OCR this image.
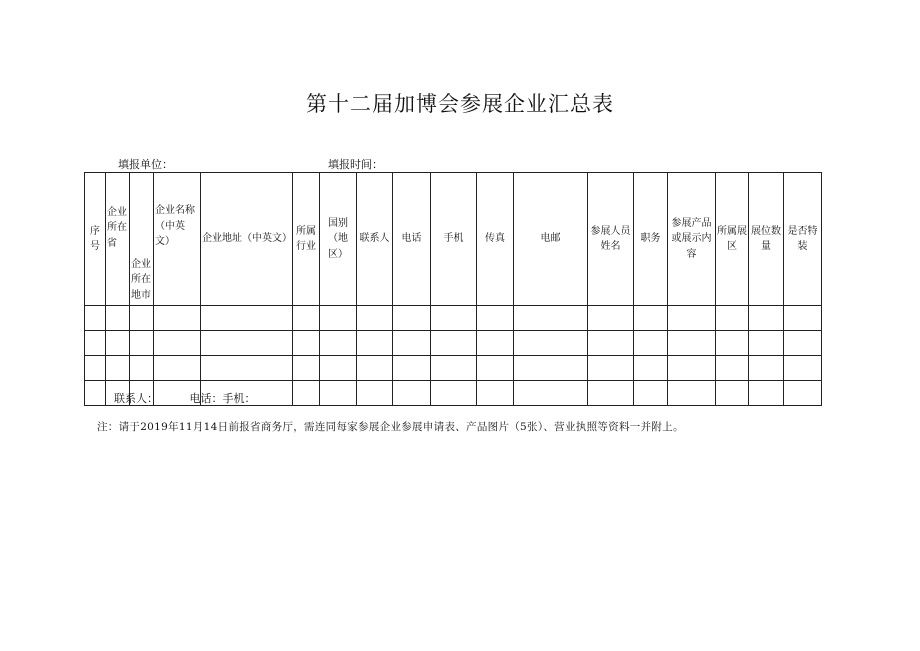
第十二届加博会参展企业汇总表
填报单位：	填报时间：
序号	企业所在省	企业所在地市	企业名称（中英文）	企业地址（中英文）	所属行业	国别（地区）	联系人	电话	手机	传真	电邮	参展人员姓名	职务	参展产品或展示内容	所属展区	展位数量	是否特装

联系人：	电话：手机：
注：请于2019年11月14日前报省商务厅，需连同每家参展企业参展申请表、产品图片（5张）、营业执照等资料一并附上。
